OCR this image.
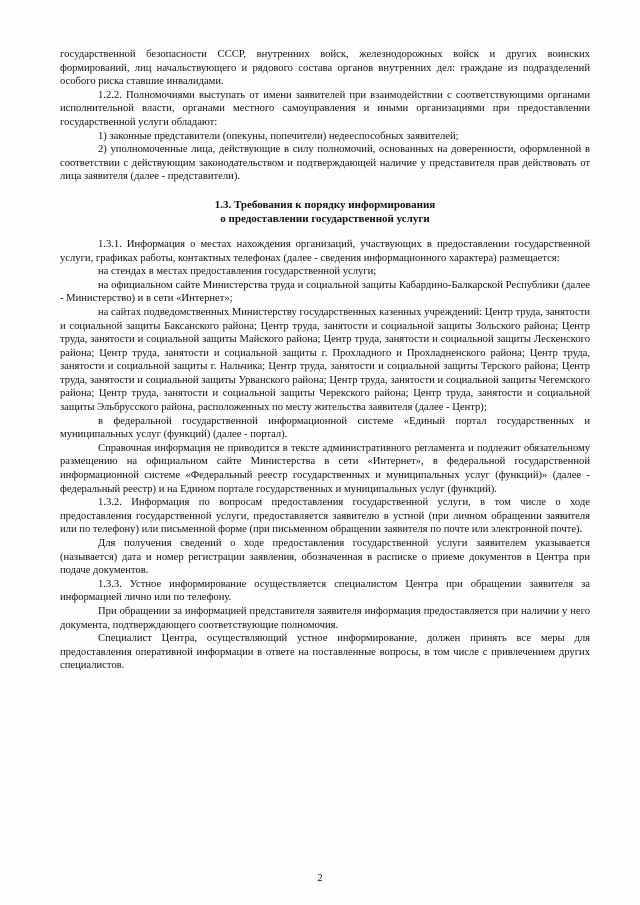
государственной безопасности СССР, внутренних войск, железнодорожных войск и других воинских формирований, лиц начальствующего и рядового состава органов внутренних дел: граждане из подразделений особого риска ставшие инвалидами.

1.2.2. Полномочиями выступать от имени заявителей при взаимодействии с соответствующими органами исполнительной власти, органами местного самоуправления и иными организациями при предоставлении государственной услуги обладают:

1) законные представители (опекуны, попечители) недееспособных заявителей;

2) уполномоченные лица, действующие в силу полномочий, основанных на доверенности, оформленной в соответствии с действующим законодательством и подтверждающей наличие у представителя прав действовать от лица заявителя (далее - представители).

1.3. Требования к порядку информирования
о предоставлении государственной услуги

1.3.1. Информация о местах нахождения организаций, участвующих в предоставлении государственной услуги, графиках работы, контактных телефонах (далее - сведения информационного характера) размещается:

на стендах в местах предоставления государственной услуги;

на официальном сайте Министерства труда и социальной защиты Кабардино-Балкарской Республики (далее - Министерство) и в сети «Интернет»;

на сайтах подведомственных Министерству государственных казенных учреждений: Центр труда, занятости и социальной защиты Баксанского района; Центр труда, занятости и социальной защиты Зольского района; Центр труда, занятости и социальной защиты Майского района; Центр труда, занятости и социальной защиты Лескенского района; Центр труда, занятости и социальной защиты г. Прохладного и Прохладненского района; Центр труда, занятости и социальной защиты г. Нальчика; Центр труда, занятости и социальной защиты Терского района; Центр труда, занятости и социальной защиты Урванского района; Центр труда, занятости и социальной защиты Чегемского района; Центр труда, занятости и социальной защиты Черекского района; Центр труда, занятости и социальной защиты Эльбрусского района, расположенных по месту жительства заявителя (далее - Центр);

в федеральной государственной информационной системе «Единый портал государственных и муниципальных услуг (функций) (далее - портал).

Справочная информация не приводится в тексте административного регламента и подлежит обязательному размещению на официальном сайте Министерства в сети «Интернет», в федеральной государственной информационной системе «Федеральный реестр государственных и муниципальных услуг (функций)» (далее - федеральный реестр) и на Едином портале государственных и муниципальных услуг (функций).

1.3.2. Информация по вопросам предоставления государственной услуги, в том числе о ходе предоставления государственной услуги, предоставляется заявителю в устной (при личном обращении заявителя или по телефону) или письменной форме (при письменном обращении заявителя по почте или электронной почте).

Для получения сведений о ходе предоставления государственной услуги заявителем указывается (называется) дата и номер регистрации заявления, обозначенная в расписке о приеме документов в Центра при подаче документов.

1.3.3. Устное информирование осуществляется специалистом Центра при обращении заявителя за информацией лично или по телефону.

При обращении за информацией представителя заявителя информация предоставляется при наличии у него документа, подтверждающего соответствующие полномочия.

Специалист Центра, осуществляющий устное информирование, должен принять все меры для предоставления оперативной информации в ответе на поставленные вопросы, в том числе с привлечением других специалистов.

2
